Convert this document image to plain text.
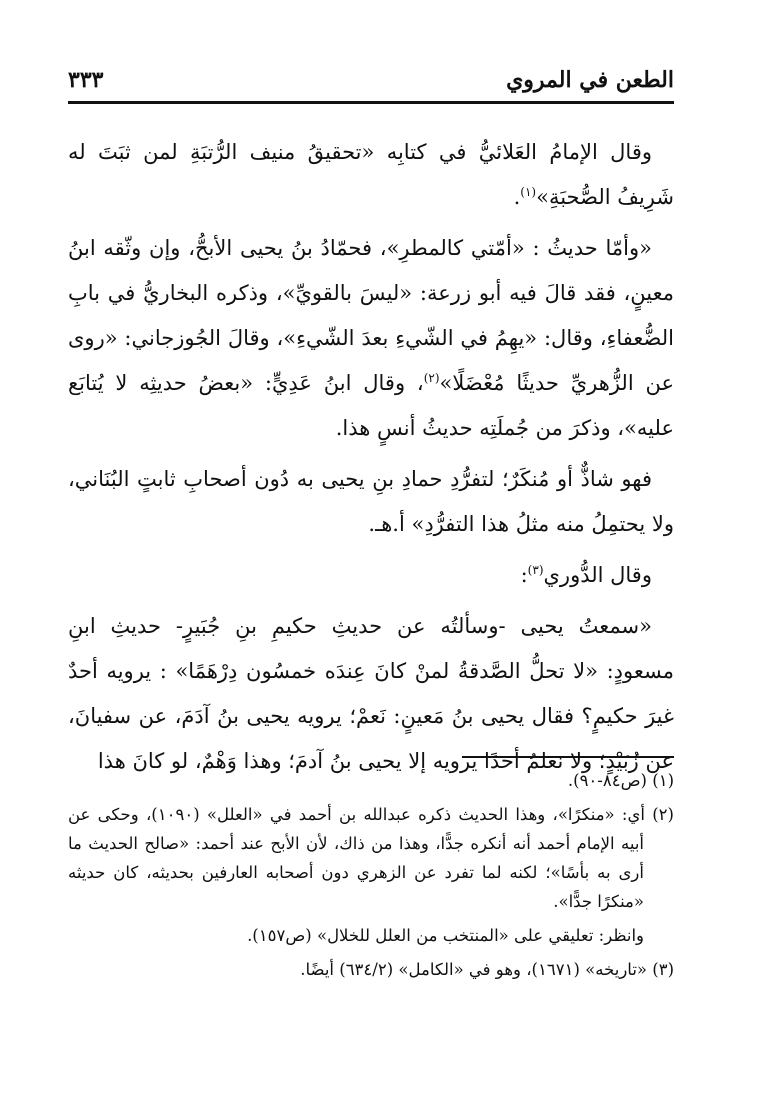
الطعن في المروي
٣٣٣

وقال الإمامُ العَلائيُّ في كتابِه «تحقيقُ منيف الرُّتبَةِ لمن ثبَتَ له شَرِيفُ الصُّحبَةِ»$^{(١)}$.

«وأمّا حديثُ : «أمّتي كالمطرِ»، فحمّادُ بنُ يحيى الأبحُّ، وإن وثّقه ابنُ معينٍ، فقد قالَ فيه أبو زرعة: «ليسَ بالقويِّ»، وذكره البخاريُّ في بابِ الضُّعفاءِ، وقال: «يهِمُ في الشّيءِ بعدَ الشّيءِ»، وقالَ الجُوزجاني: «روى عن الزُّهريِّ حديثًا مُعْضَلًا»$^{(٢)}$، وقال ابنُ عَدِيٍّ: «بعضُ حديثِه لا يُتابَع عليه»، وذكرَ من جُملَتِه حديثُ أنسٍ هذا.

فهو شاذٌّ أو مُنكَرٌ؛ لتفرُّدِ حمادِ بنِ يحيى به دُون أصحابِ ثابتٍ البُنَاني، ولا يحتمِلُ منه مثلُ هذا التفرُّدِ» أ.هـ.

وقال الدُّوري$^{(٣)}$:

«سمعتُ يحيى -وسألتُه عن حديثِ حكيمِ بنِ جُبَيرٍ- حديثِ ابنِ مسعودٍ: «لا تحلُّ الصَّدقةُ لمنْ كانَ عِندَه خمسُون دِرْهَمًا» : يرويه أحدٌ غيرَ حكيمٍ؟ فقال يحيى بنُ مَعينٍ: نَعمْ؛ يرويه يحيى بنُ آدَمَ، عن سفيانَ، عن زُبَيْدٍ؛ ولا نعلمُ أحدًا يرويه إلا يحيى بنُ آدمَ؛ وهذا وَهْمٌ، لو كانَ هذا

(١) (ص٨٤-٩٠).

(٢) أي: «منكرًا»، وهذا الحديث ذكره عبدالله بن أحمد في «العلل» (١٠٩٠)، وحكى عن أبيه الإمام أحمد أنه أنكره جدًّا، وهذا من ذاك، لأن الأبح عند أحمد: «صالح الحديث ما أرى به بأسًا»؛ لكنه لما تفرد عن الزهري دون أصحابه العارفين بحديثه، كان حديثه «منكرًا جدًّا».

وانظر: تعليقي على «المنتخب من العلل للخلال» (ص١٥٧).

(٣) «تاريخه» (١٦٧١)، وهو في «الكامل» (٦٣٤/٢) أيضًا.
